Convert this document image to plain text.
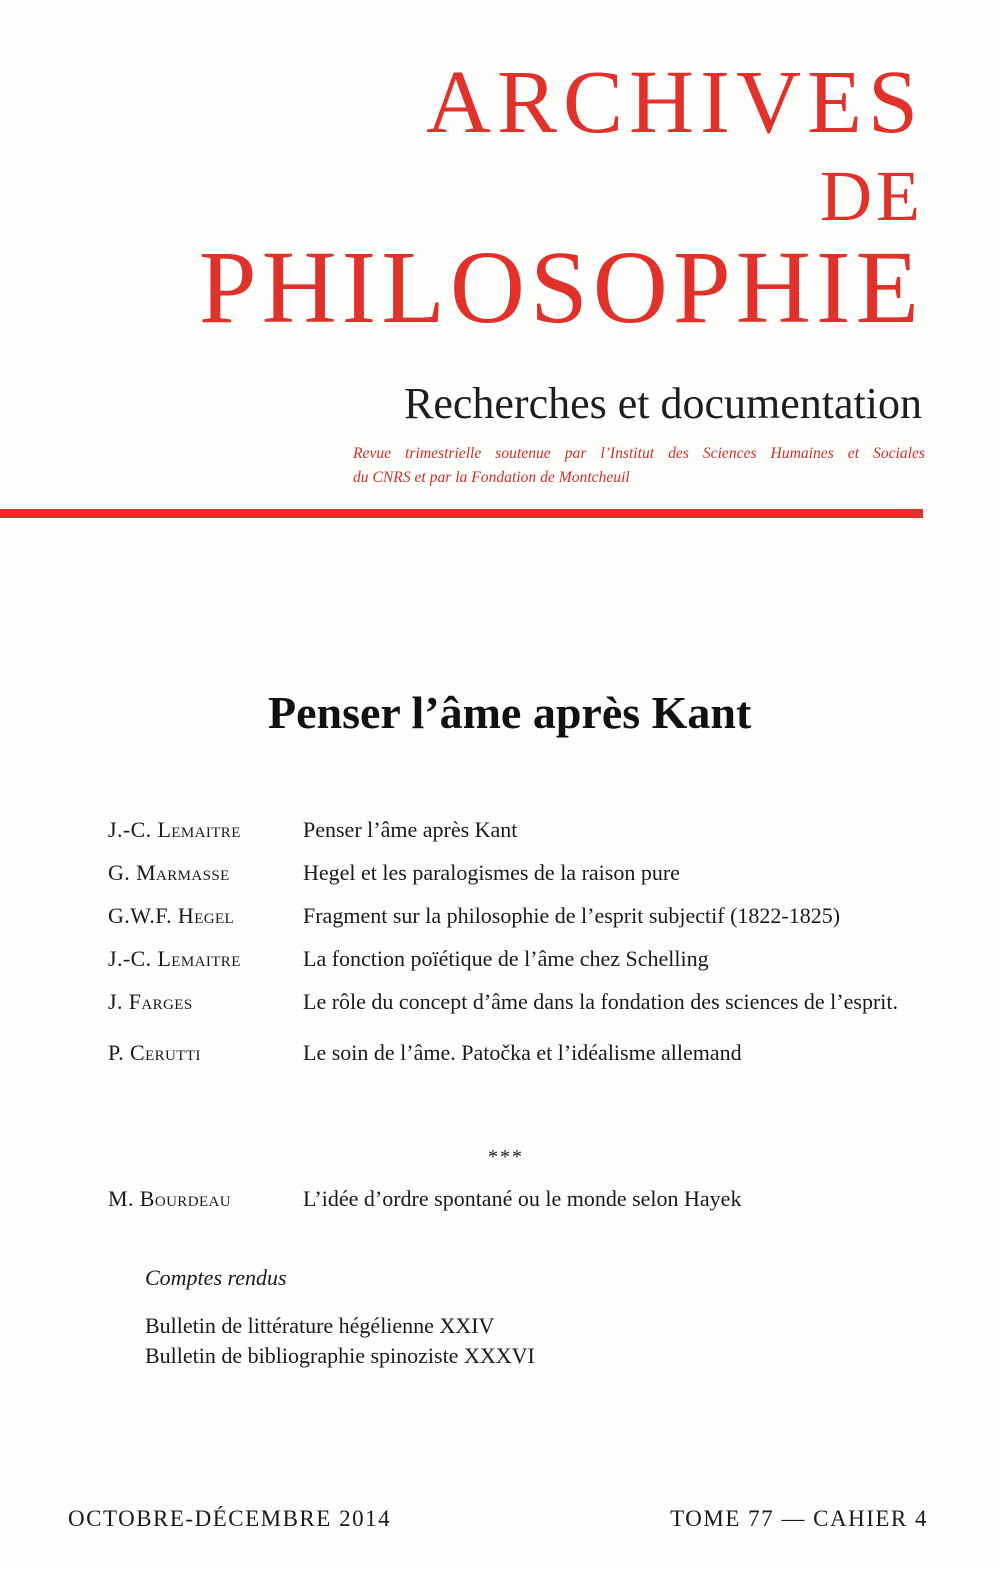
ARCHIVES
DE
PHILOSOPHIE
Recherches et documentation
Revue trimestrielle soutenue par l’Institut des Sciences Humaines et Sociales
du CNRS et par la Fondation de Montcheuil
Penser l’âme après Kant
J.-C. Lemaitre	Penser l’âme après Kant
G. Marmasse	Hegel et les paralogismes de la raison pure
G.W.F. Hegel	Fragment sur la philosophie de l’esprit subjectif (1822-1825)
J.-C. Lemaitre	La fonction poïétique de l’âme chez Schelling
J. Farges	Le rôle du concept d’âme dans la fondation des sciences de l’esprit.
P. Cerutti	Le soin de l’âme. Patočka et l’idéalisme allemand
***
M. Bourdeau	L’idée d’ordre spontané ou le monde selon Hayek
Comptes rendus
Bulletin de littérature hégélienne XXIV
Bulletin de bibliographie spinoziste XXXVI
OCTOBRE-DÉCEMBRE 2014	TOME 77 — CAHIER 4
